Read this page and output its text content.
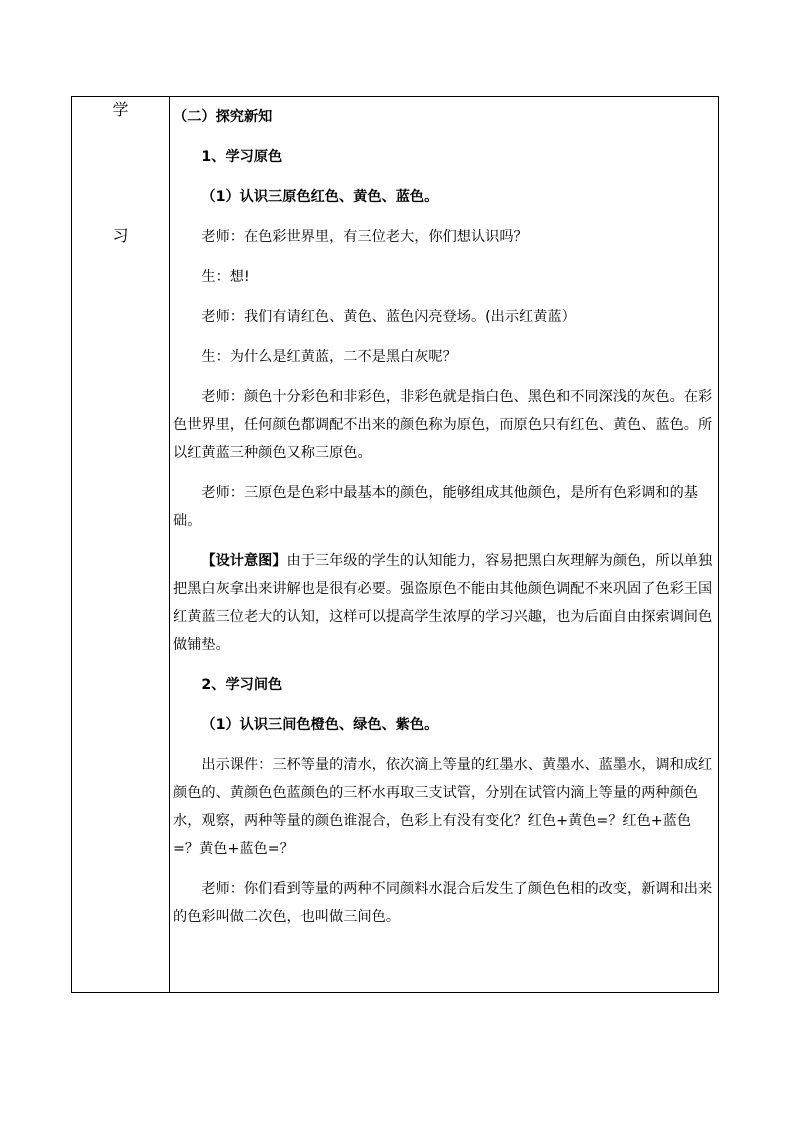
学
习

（二）探究新知

1、学习原色

（1）认识三原色红色、黄色、蓝色。

老师：在色彩世界里，有三位老大，你们想认识吗？

生：想!

老师：我们有请红色、黄色、蓝色闪亮登场。(出示红黄蓝）

生：为什么是红黄蓝，二不是黑白灰呢？

老师：颜色十分彩色和非彩色，非彩色就是指白色、黑色和不同深浅的灰色。在彩色世界里，任何颜色都调配不出来的颜色称为原色，而原色只有红色、黄色、蓝色。所以红黄蓝三种颜色又称三原色。

老师：三原色是色彩中最基本的颜色，能够组成其他颜色，是所有色彩调和的基础。

【设计意图】由于三年级的学生的认知能力，容易把黑白灰理解为颜色，所以单独把黑白灰拿出来讲解也是很有必要。强盗原色不能由其他颜色调配不来巩固了色彩王国红黄蓝三位老大的认知，这样可以提高学生浓厚的学习兴趣，也为后面自由探索调间色做铺垫。

2、学习间色

（1）认识三间色橙色、绿色、紫色。

出示课件：三杯等量的清水，依次滴上等量的红墨水、黄墨水、蓝墨水，调和成红颜色的、黄颜色色蓝颜色的三杯水再取三支试管，分别在试管内滴上等量的两种颜色水，观察，两种等量的颜色谁混合，色彩上有没有变化？红色+黄色=？红色+蓝色=？黄色+蓝色=？

老师：你们看到等量的两种不同颜料水混合后发生了颜色色相的改变，新调和出来的色彩叫做二次色，也叫做三间色。
